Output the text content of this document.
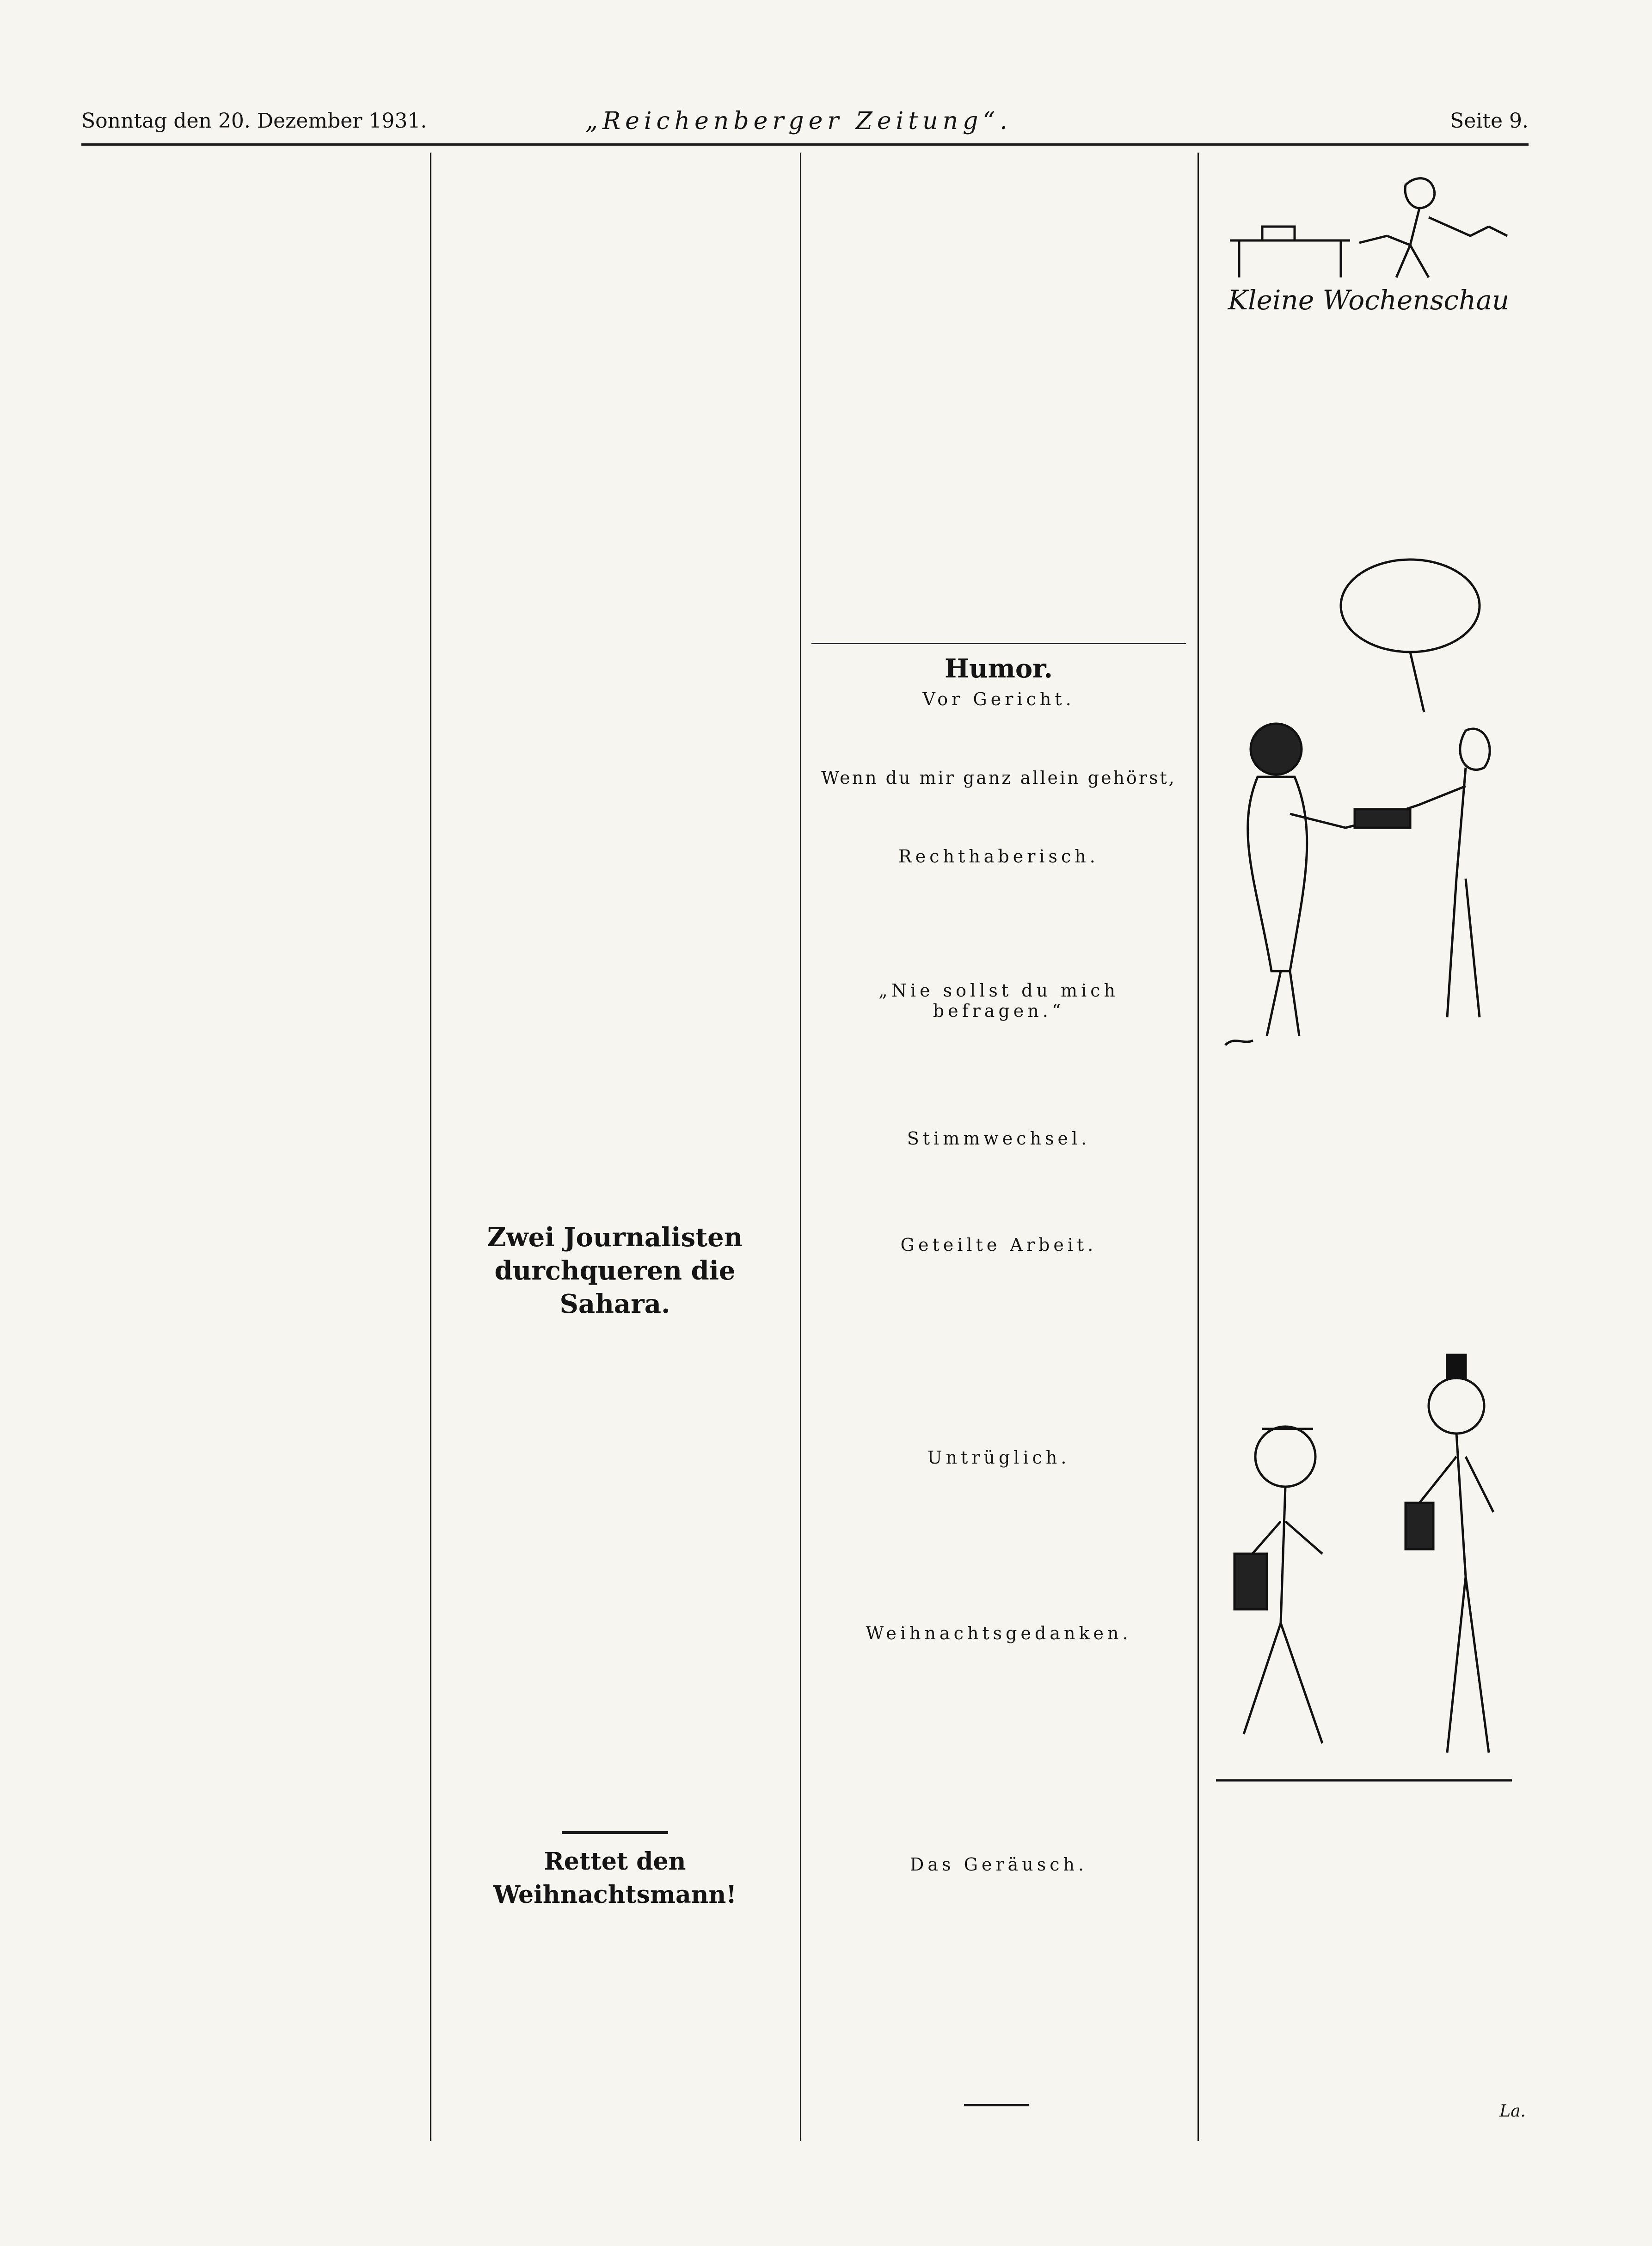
Sonntag den 20. Dezember 1931.	„Reichenberger Zeitung“.	Seite 9.

Zwei Journalisten durchqueren die Sahara.

Rettet den Weihnachtsmann!

Humor.
Vor Gericht.

Wenn du mir ganz allein gehörst,

Rechthaberisch.

„Nie sollst du mich befragen.“

Stimmwechsel.

Geteilte Arbeit.

Untrüglich.

Weihnachtsgedanken.

Das Geräusch.

Kleine Wochenschau

La.
